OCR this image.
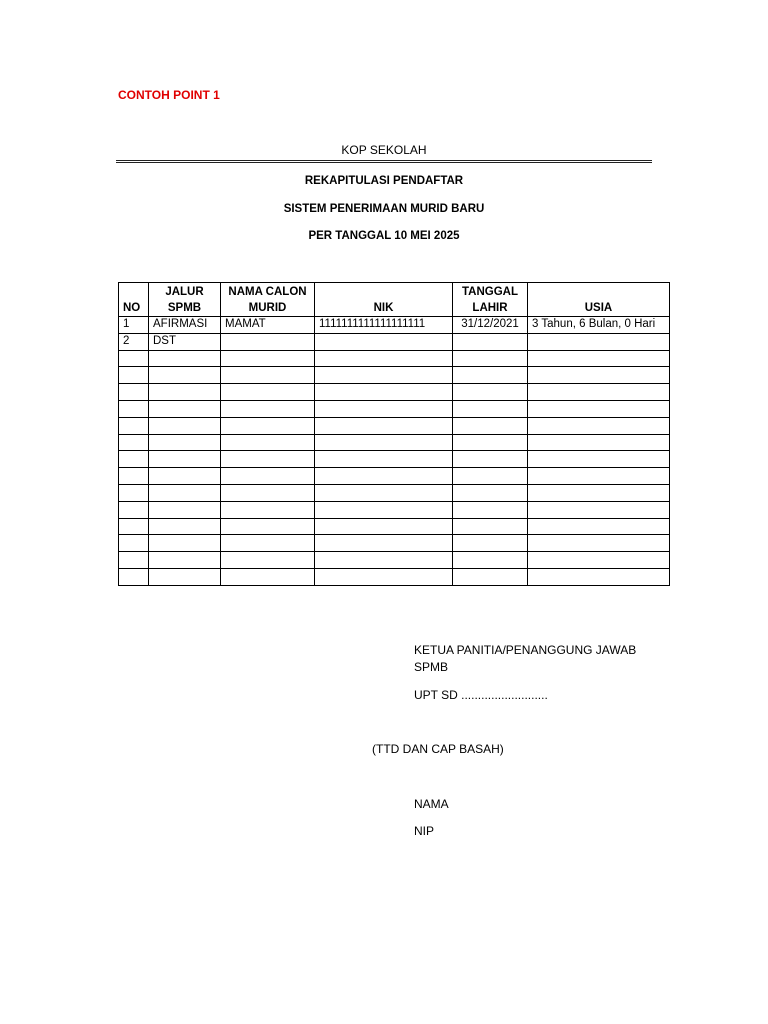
CONTOH POINT 1
KOP SEKOLAH
REKAPITULASI PENDAFTAR
SISTEM PENERIMAAN MURID BARU
PER TANGGAL 10 MEI 2025
NO	JALUR SPMB	NAMA CALON MURID	NIK	TANGGAL LAHIR	USIA
1	AFIRMASI	MAMAT	1111111111111111111	31/12/2021	3 Tahun, 6 Bulan, 0 Hari
2	DST				

KETUA PANITIA/PENANGGUNG JAWAB
SPMB
UPT SD ..........................
(TTD DAN CAP BASAH)
NAMA
NIP
